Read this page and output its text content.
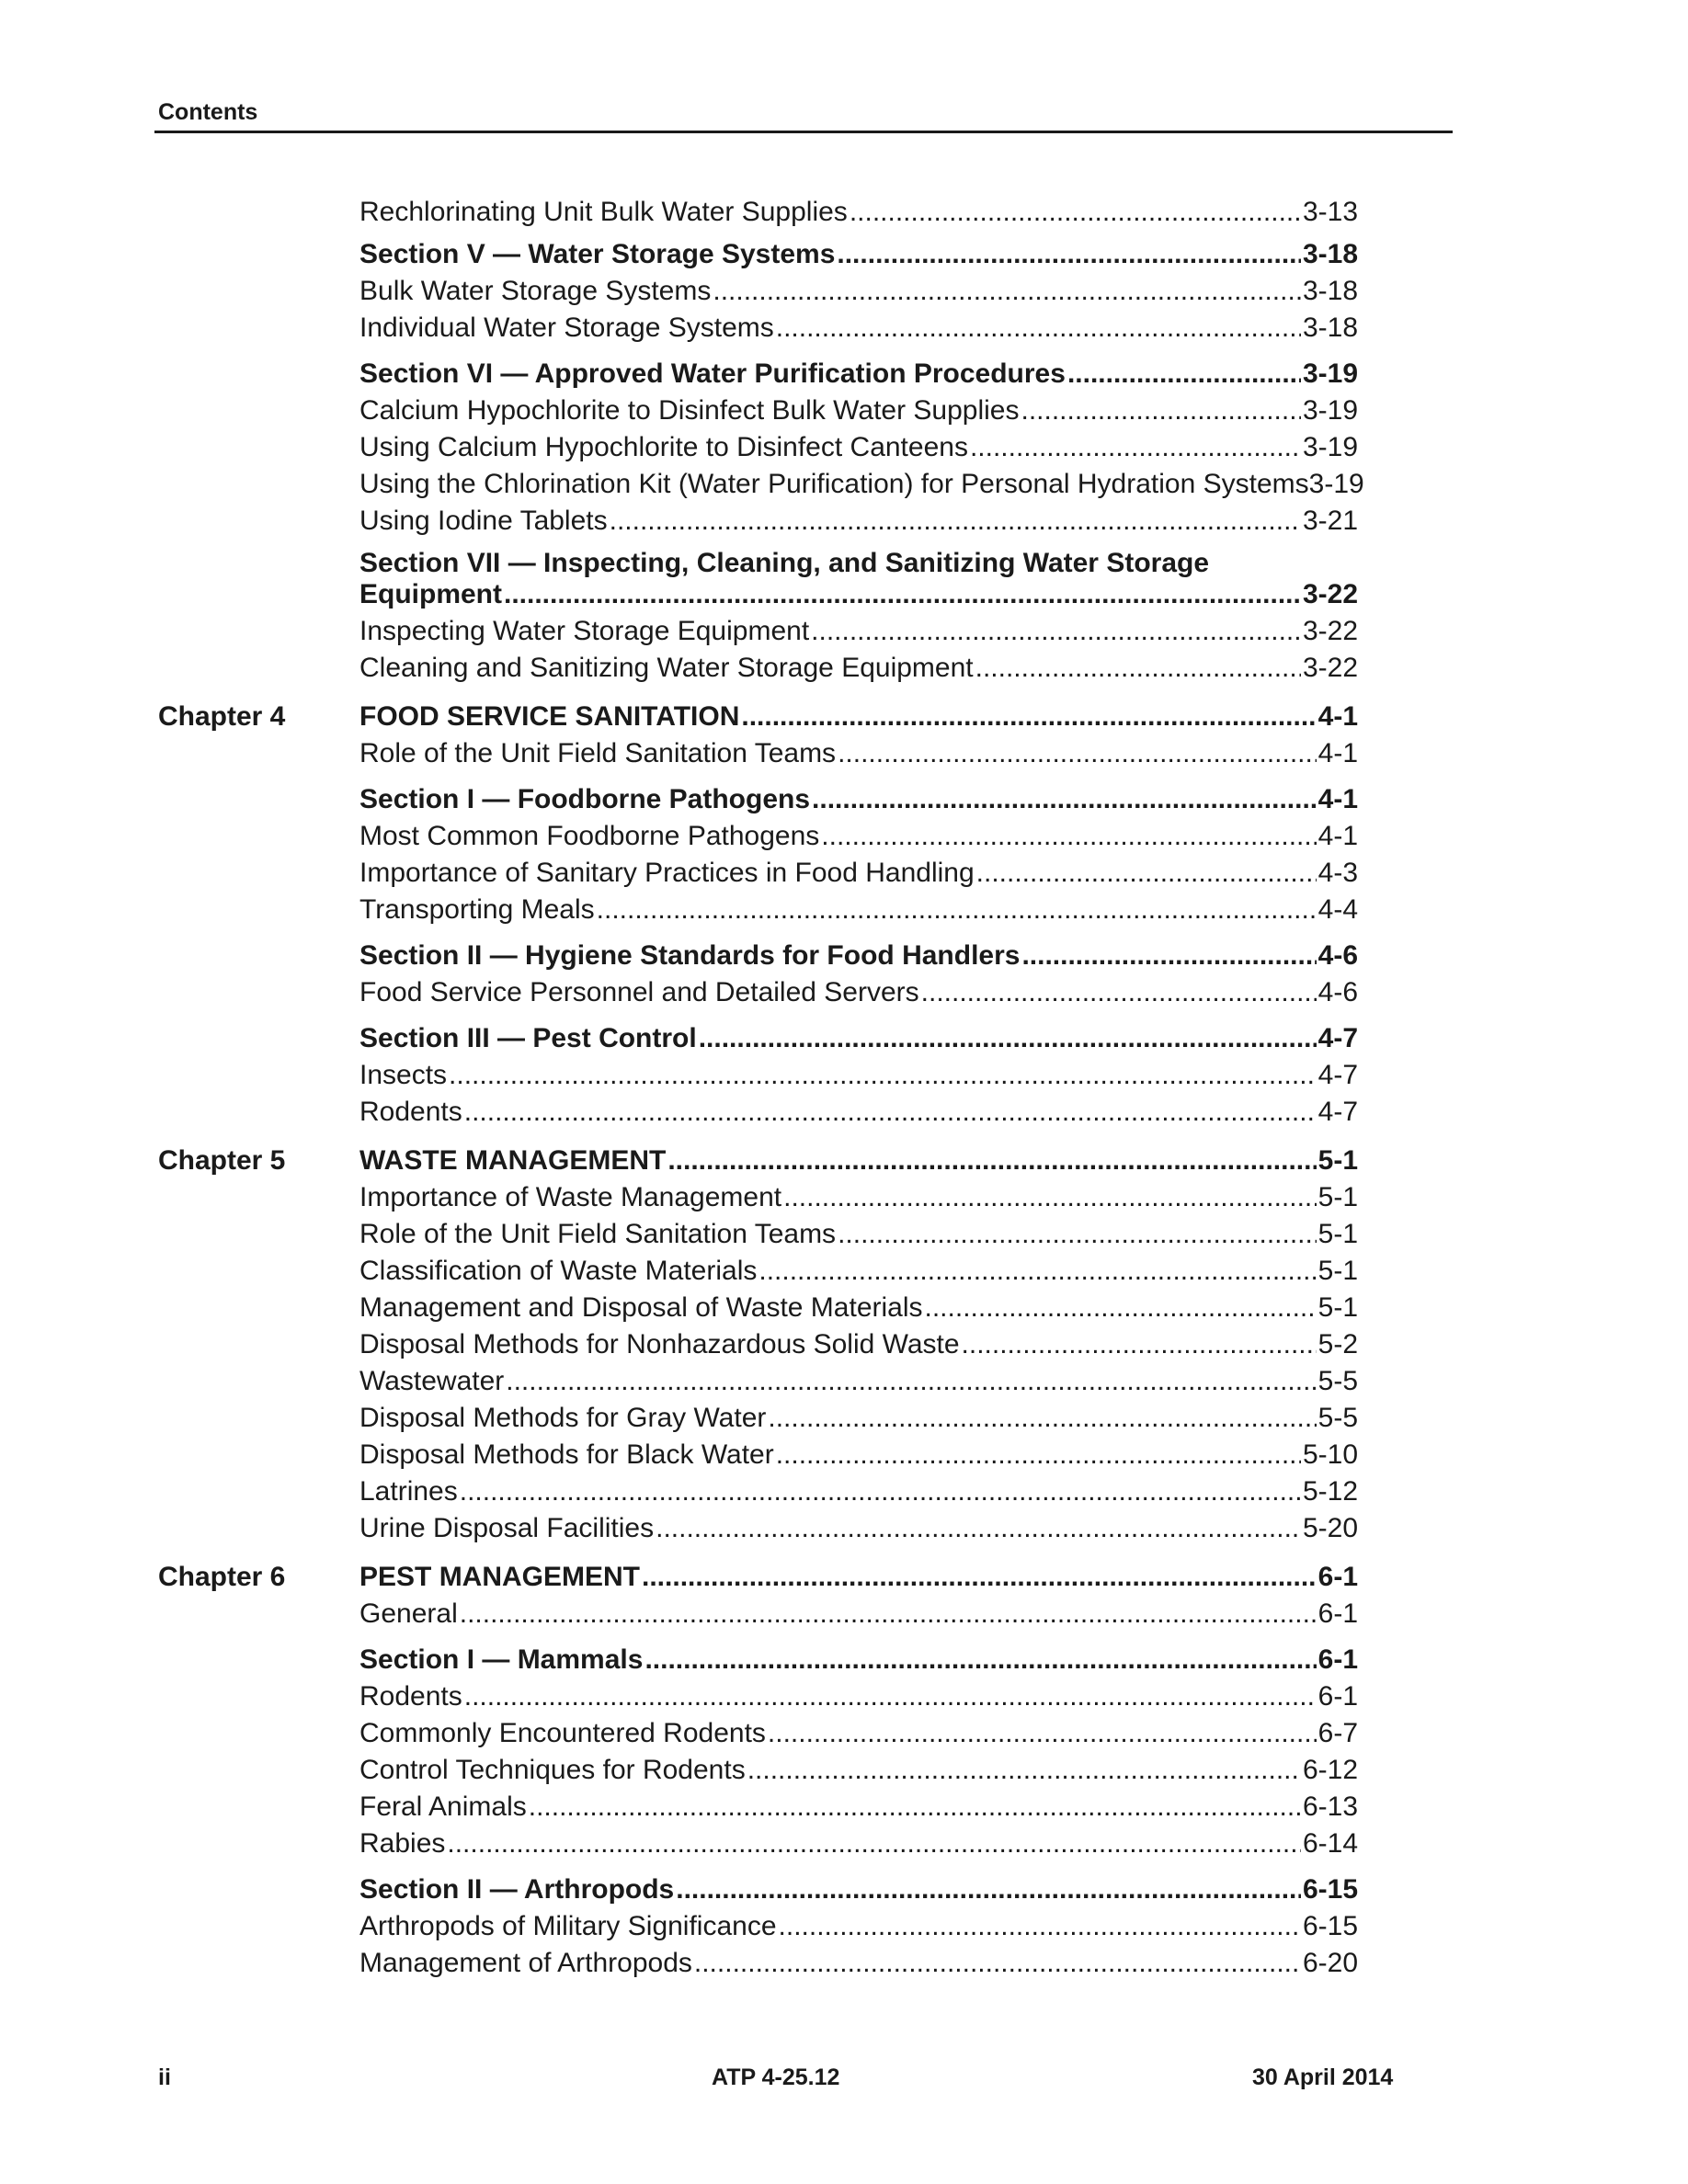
Contents
Rechlorinating Unit Bulk Water Supplies .....	3-13
Section V — Water Storage Systems .....	3-18
Bulk Water Storage Systems .....	3-18
Individual Water Storage Systems .....	3-18
Section VI — Approved Water Purification Procedures .....	3-19
Calcium Hypochlorite to Disinfect Bulk Water Supplies .....	3-19
Using Calcium Hypochlorite to Disinfect Canteens .....	3-19
Using the Chlorination Kit (Water Purification) for Personal Hydration Systems 3-19
Using Iodine Tablets .....	3-21
Section VII — Inspecting, Cleaning, and Sanitizing Water Storage
Equipment .....	3-22
Inspecting Water Storage Equipment .....	3-22
Cleaning and Sanitizing Water Storage Equipment .....	3-22
Chapter 4	FOOD SERVICE SANITATION .....	4-1
Role of the Unit Field Sanitation Teams .....	4-1
Section I — Foodborne Pathogens .....	4-1
Most Common Foodborne Pathogens .....	4-1
Importance of Sanitary Practices in Food Handling .....	4-3
Transporting Meals .....	4-4
Section II — Hygiene Standards for Food Handlers .....	4-6
Food Service Personnel and Detailed Servers .....	4-6
Section III — Pest Control .....	4-7
Insects .....	4-7
Rodents .....	4-7
Chapter 5	WASTE MANAGEMENT .....	5-1
Importance of Waste Management .....	5-1
Role of the Unit Field Sanitation Teams .....	5-1
Classification of Waste Materials .....	5-1
Management and Disposal of Waste Materials .....	5-1
Disposal Methods for Nonhazardous Solid Waste .....	5-2
Wastewater .....	5-5
Disposal Methods for Gray Water .....	5-5
Disposal Methods for Black Water .....	5-10
Latrines .....	5-12
Urine Disposal Facilities .....	5-20
Chapter 6	PEST MANAGEMENT .....	6-1
General .....	6-1
Section I — Mammals .....	6-1
Rodents .....	6-1
Commonly Encountered Rodents .....	6-7
Control Techniques for Rodents .....	6-12
Feral Animals .....	6-13
Rabies .....	6-14
Section II — Arthropods .....	6-15
Arthropods of Military Significance .....	6-15
Management of Arthropods .....	6-20
ii	ATP 4-25.12	30 April 2014
